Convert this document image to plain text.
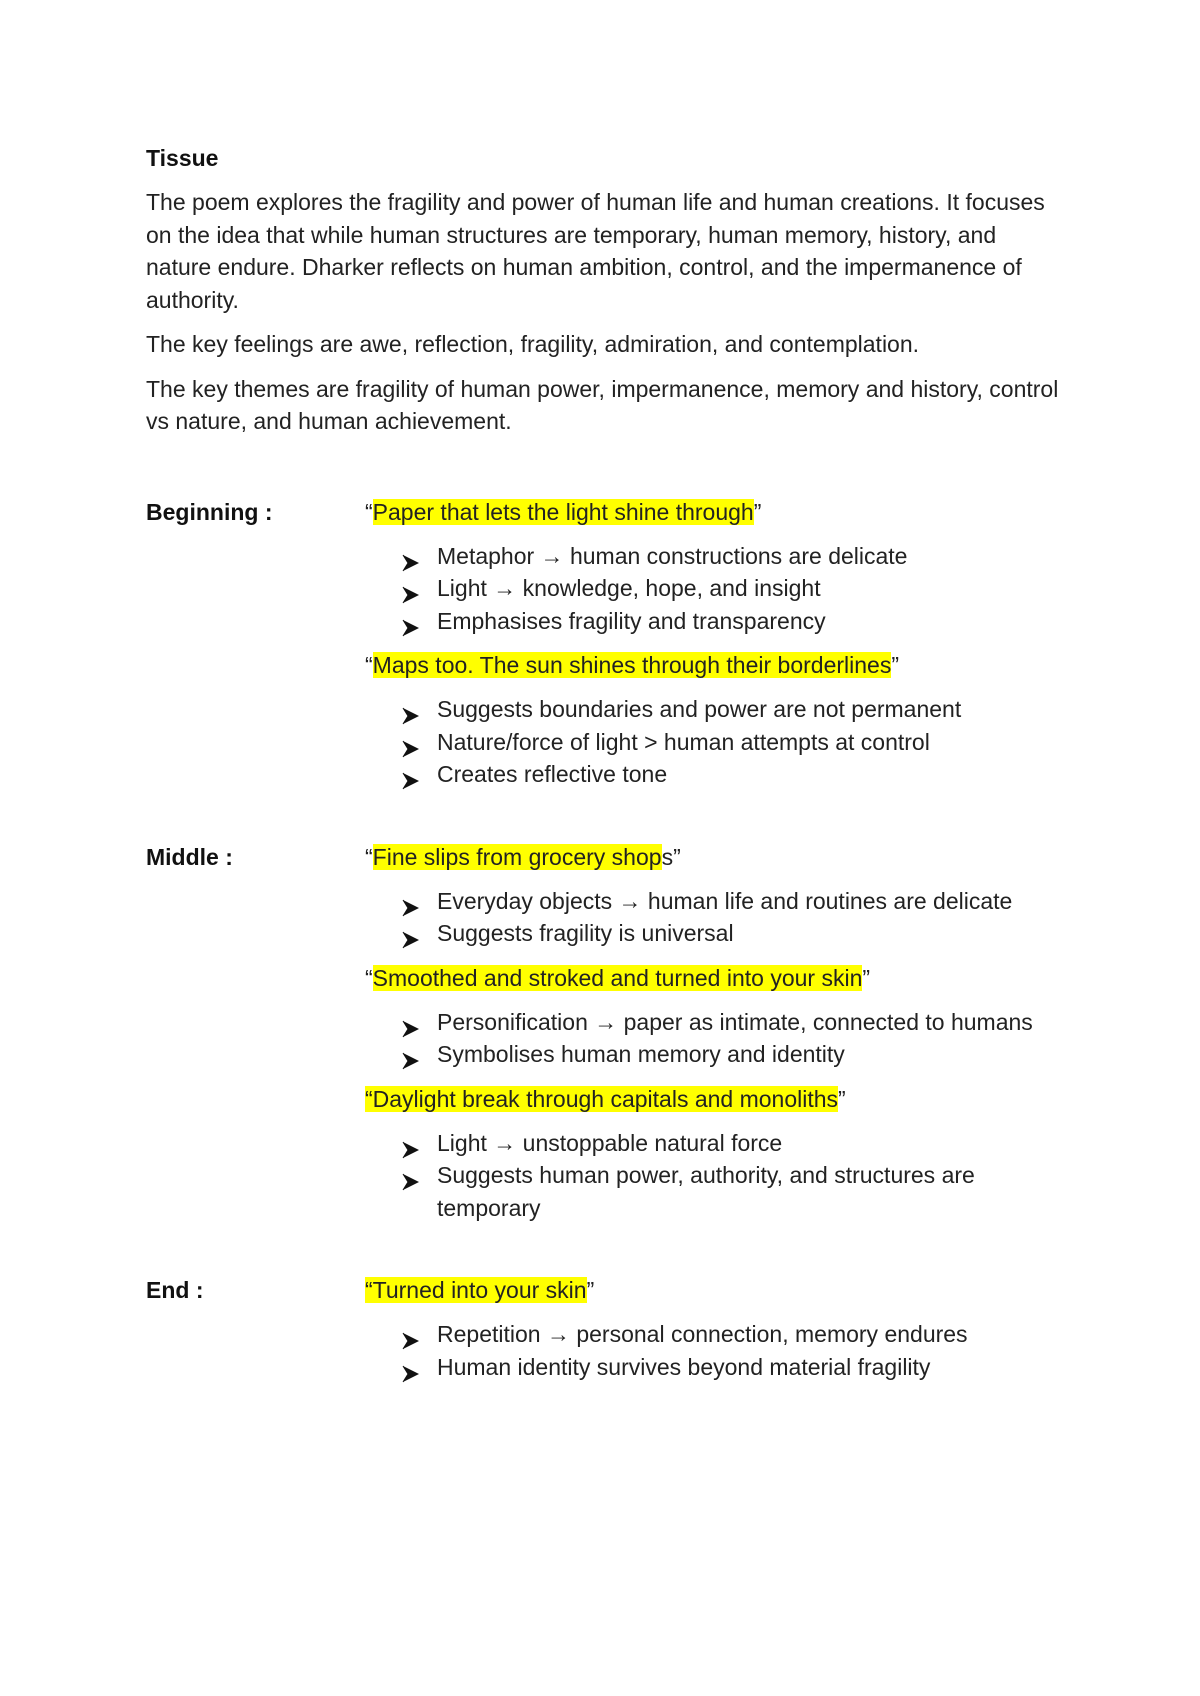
Tissue

The poem explores the fragility and power of human life and human creations. It focuses on the idea that while human structures are temporary, human memory, history, and nature endure. Dharker reflects on human ambition, control, and the impermanence of authority.

The key feelings are awe, reflection, fragility, admiration, and contemplation.

The key themes are fragility of human power, impermanence, memory and history, control vs nature, and human achievement.

Beginning :	“Paper that lets the light shine through”

Metaphor → human constructions are delicate
Light → knowledge, hope, and insight
Emphasises fragility and transparency

“Maps too. The sun shines through their borderlines”

Suggests boundaries and power are not permanent
Nature/force of light > human attempts at control
Creates reflective tone
Middle :	“Fine slips from grocery shops”

Everyday objects → human life and routines are delicate
Suggests fragility is universal

“Smoothed and stroked and turned into your skin”

Personification → paper as intimate, connected to humans
Symbolises human memory and identity

“Daylight break through capitals and monoliths”

Light → unstoppable natural force
Suggests human power, authority, and structures are temporary
End :	“Turned into your skin”

Repetition → personal connection, memory endures
Human identity survives beyond material fragility
